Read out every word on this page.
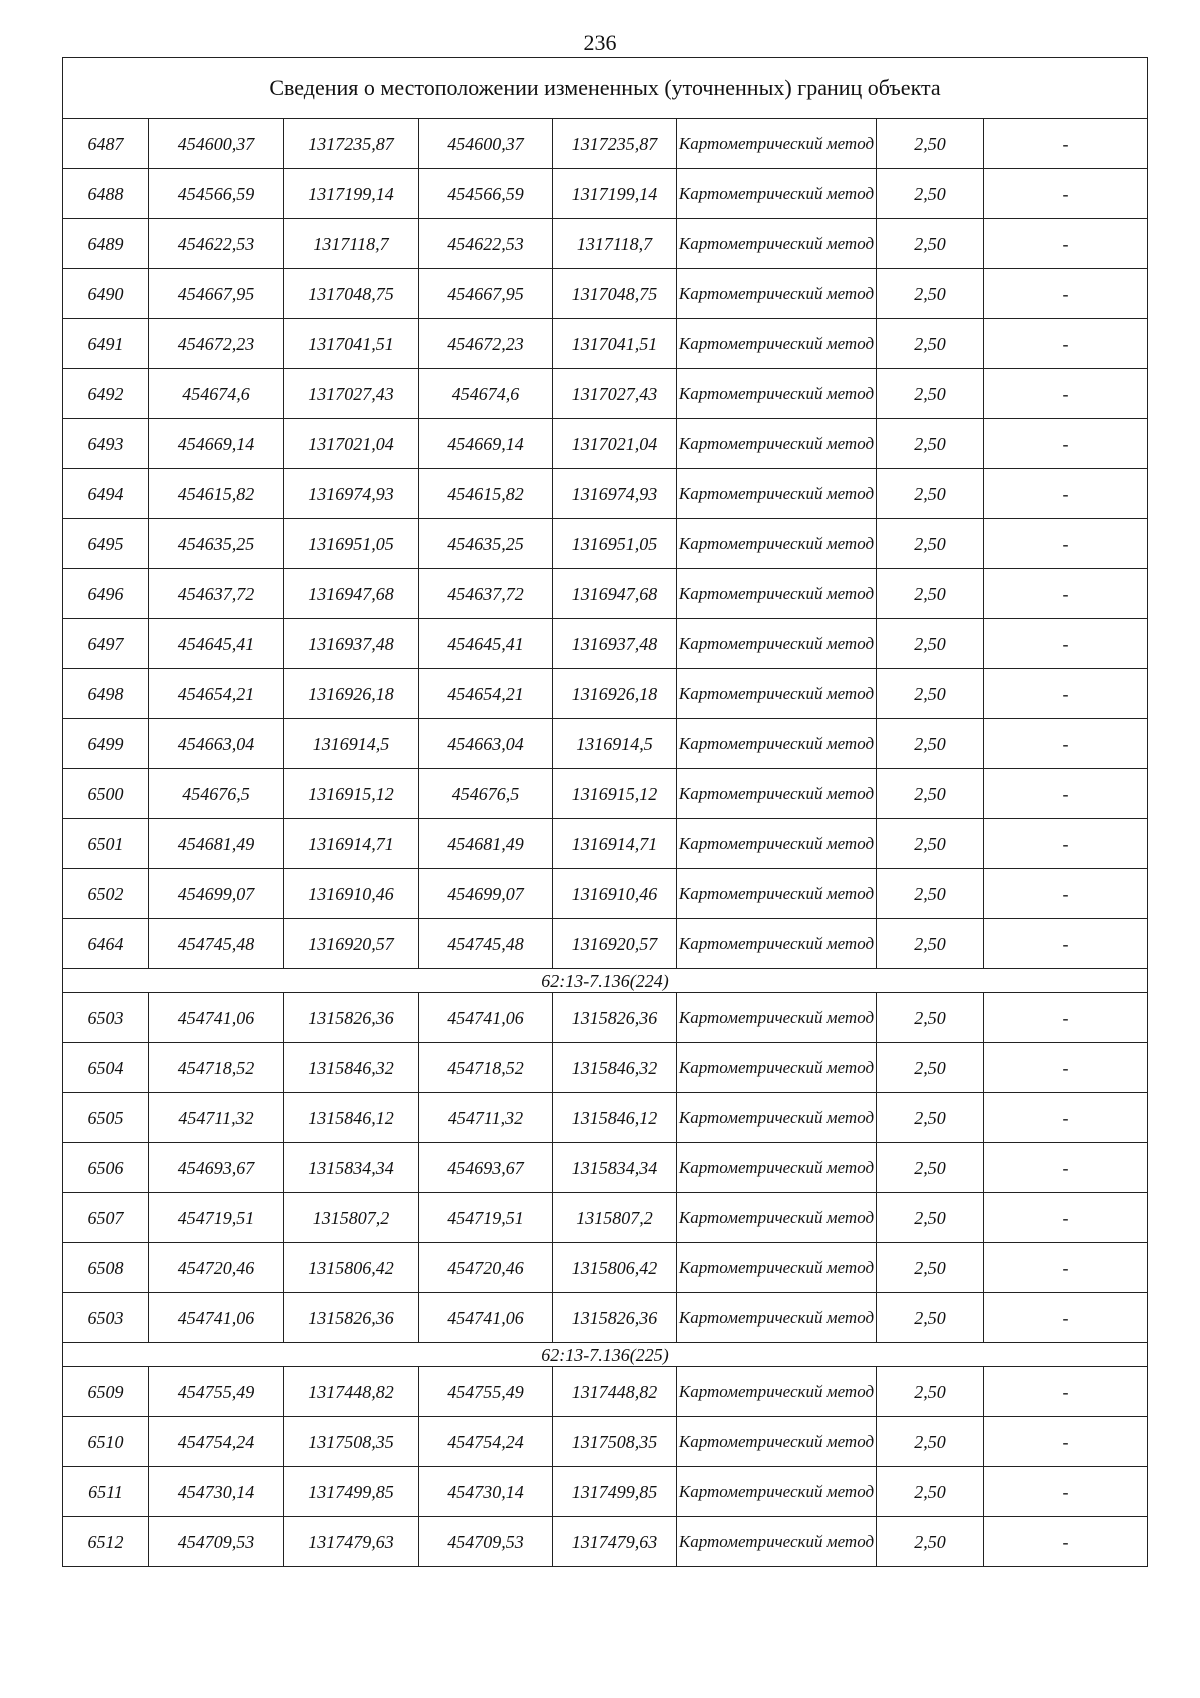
236
Сведения о местоположении измененных (уточненных) границ объекта							
6487	454600,37	1317235,87	454600,37	1317235,87	Картометрический метод	2,50	-
6488	454566,59	1317199,14	454566,59	1317199,14	Картометрический метод	2,50	-
6489	454622,53	1317118,7	454622,53	1317118,7	Картометрический метод	2,50	-
6490	454667,95	1317048,75	454667,95	1317048,75	Картометрический метод	2,50	-
6491	454672,23	1317041,51	454672,23	1317041,51	Картометрический метод	2,50	-
6492	454674,6	1317027,43	454674,6	1317027,43	Картометрический метод	2,50	-
6493	454669,14	1317021,04	454669,14	1317021,04	Картометрический метод	2,50	-
6494	454615,82	1316974,93	454615,82	1316974,93	Картометрический метод	2,50	-
6495	454635,25	1316951,05	454635,25	1316951,05	Картометрический метод	2,50	-
6496	454637,72	1316947,68	454637,72	1316947,68	Картометрический метод	2,50	-
6497	454645,41	1316937,48	454645,41	1316937,48	Картометрический метод	2,50	-
6498	454654,21	1316926,18	454654,21	1316926,18	Картометрический метод	2,50	-
6499	454663,04	1316914,5	454663,04	1316914,5	Картометрический метод	2,50	-
6500	454676,5	1316915,12	454676,5	1316915,12	Картометрический метод	2,50	-
6501	454681,49	1316914,71	454681,49	1316914,71	Картометрический метод	2,50	-
6502	454699,07	1316910,46	454699,07	1316910,46	Картометрический метод	2,50	-
6464	454745,48	1316920,57	454745,48	1316920,57	Картометрический метод	2,50	-
62:13-7.136(224)							
6503	454741,06	1315826,36	454741,06	1315826,36	Картометрический метод	2,50	-
6504	454718,52	1315846,32	454718,52	1315846,32	Картометрический метод	2,50	-
6505	454711,32	1315846,12	454711,32	1315846,12	Картометрический метод	2,50	-
6506	454693,67	1315834,34	454693,67	1315834,34	Картометрический метод	2,50	-
6507	454719,51	1315807,2	454719,51	1315807,2	Картометрический метод	2,50	-
6508	454720,46	1315806,42	454720,46	1315806,42	Картометрический метод	2,50	-
6503	454741,06	1315826,36	454741,06	1315826,36	Картометрический метод	2,50	-
62:13-7.136(225)							
6509	454755,49	1317448,82	454755,49	1317448,82	Картометрический метод	2,50	-
6510	454754,24	1317508,35	454754,24	1317508,35	Картометрический метод	2,50	-
6511	454730,14	1317499,85	454730,14	1317499,85	Картометрический метод	2,50	-
6512	454709,53	1317479,63	454709,53	1317479,63	Картометрический метод	2,50	-
